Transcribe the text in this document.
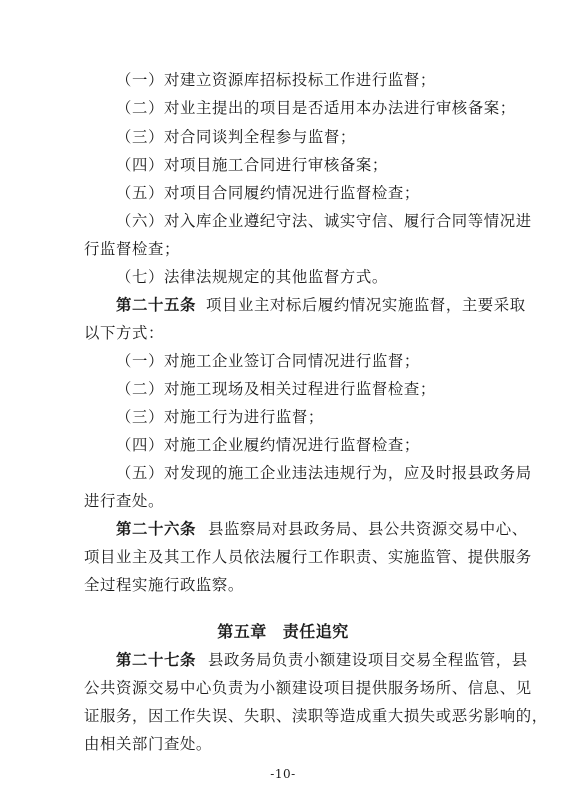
（一）对建立资源库招标投标工作进行监督；
（二）对业主提出的项目是否适用本办法进行审核备案；
（三）对合同谈判全程参与监督；
（四）对项目施工合同进行审核备案；
（五）对项目合同履约情况进行监督检查；
（六）对入库企业遵纪守法、诚实守信、履行合同等情况进
行监督检查；
（七）法律法规规定的其他监督方式。
第二十五条 项目业主对标后履约情况实施监督，主要采取
以下方式：
（一）对施工企业签订合同情况进行监督；
（二）对施工现场及相关过程进行监督检查；
（三）对施工行为进行监督；
（四）对施工企业履约情况进行监督检查；
（五）对发现的施工企业违法违规行为，应及时报县政务局
进行查处。
第二十六条 县监察局对县政务局、县公共资源交易中心、
项目业主及其工作人员依法履行工作职责、实施监管、提供服务
全过程实施行政监察。
第五章 责任追究
第二十七条 县政务局负责小额建设项目交易全程监管，县
公共资源交易中心负责为小额建设项目提供服务场所、信息、见
证服务，因工作失误、失职、渎职等造成重大损失或恶劣影响的，
由相关部门查处。
-10-
